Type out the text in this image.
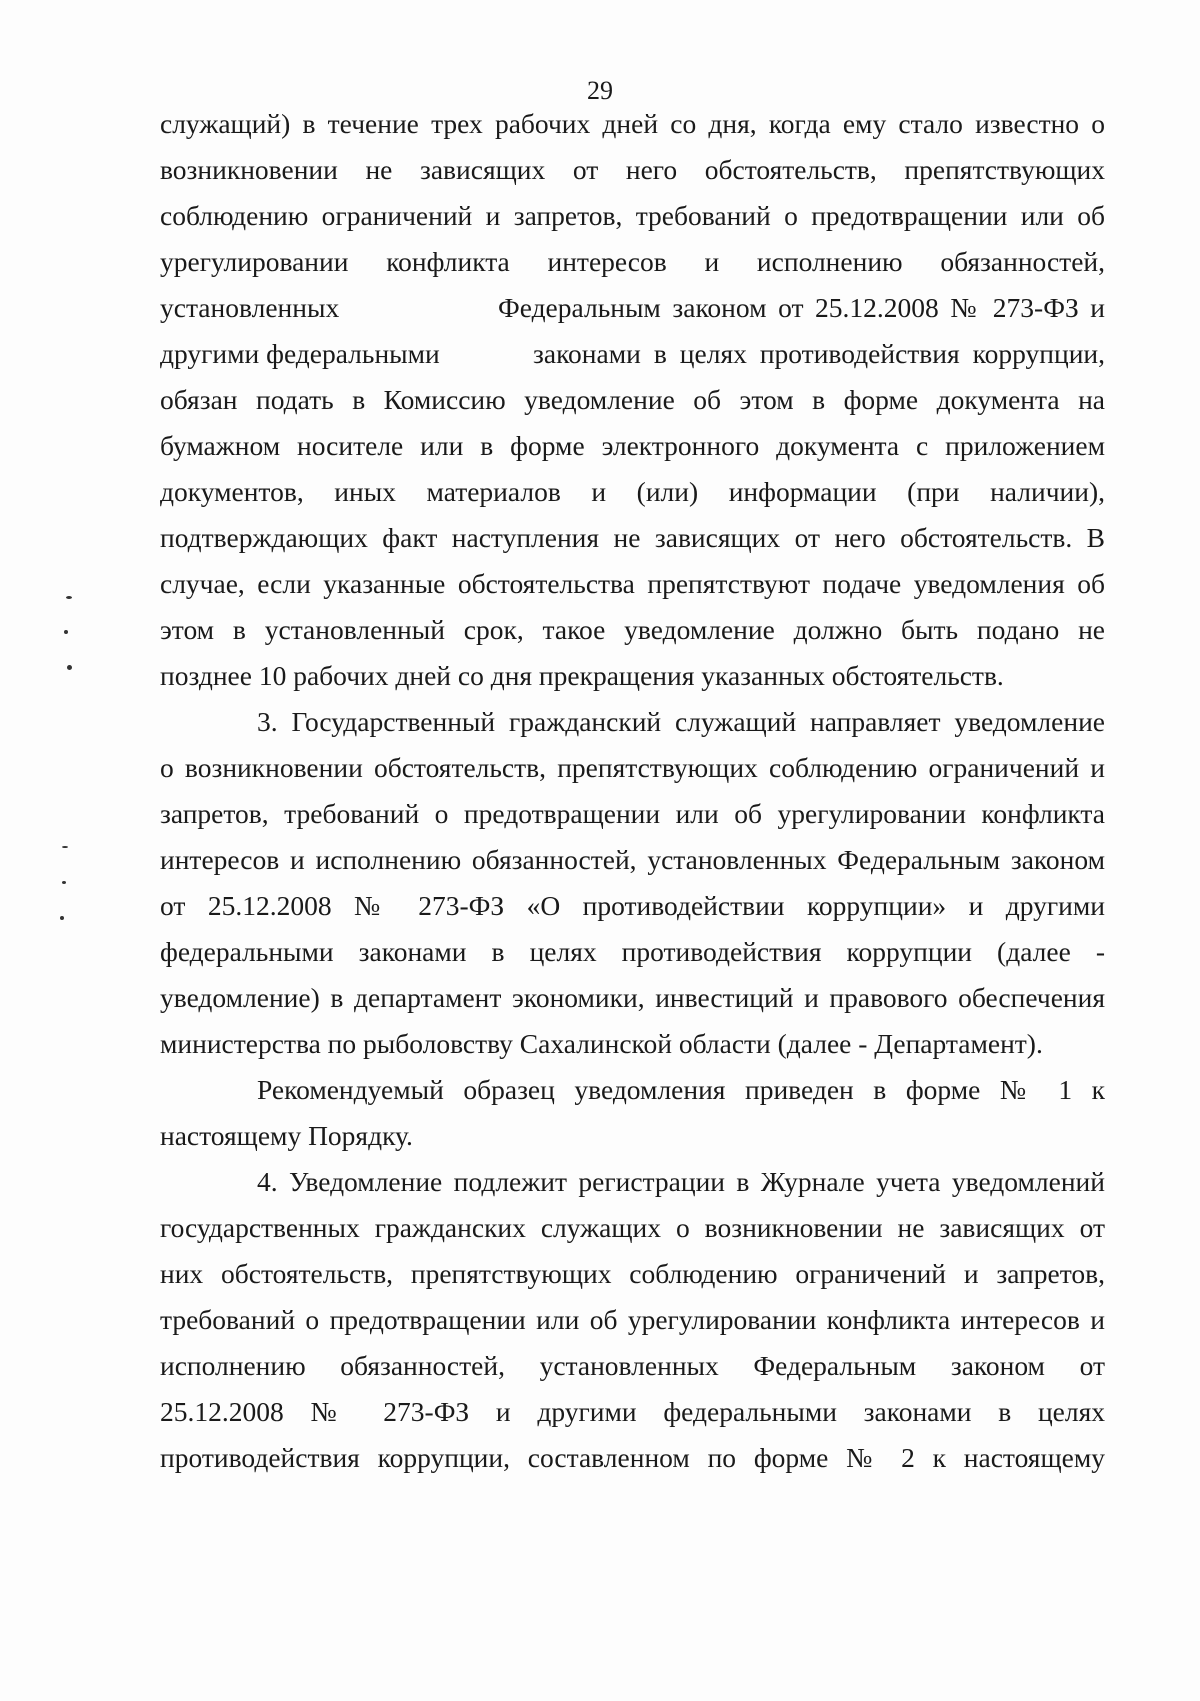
29
служащий) в течение трех рабочих дней со дня, когда ему стало известно о
возникновении не зависящих от него обстоятельств, препятствующих
соблюдению ограничений и запретов, требований о предотвращении или об
урегулировании конфликта интересов и исполнению обязанностей,
установленных	Федеральным законом от 25.12.2008 № 273-ФЗ и
другими федеральными	законами в целях противодействия коррупции,
обязан подать в Комиссию уведомление об этом в форме документа на
бумажном носителе или в форме электронного документа с приложением
документов, иных материалов и (или) информации (при наличии),
подтверждающих факт наступления не зависящих от него обстоятельств. В
случае, если указанные обстоятельства препятствуют подаче уведомления об
этом в установленный срок, такое уведомление должно быть подано не
позднее 10 рабочих дней со дня прекращения указанных обстоятельств.
3. Государственный гражданский служащий направляет уведомление
о возникновении обстоятельств, препятствующих соблюдению ограничений и
запретов, требований о предотвращении или об урегулировании конфликта
интересов и исполнению обязанностей, установленных Федеральным законом
от 25.12.2008 № 273-ФЗ «О противодействии коррупции» и другими
федеральными законами в целях противодействия коррупции (далее -
уведомление) в департамент экономики, инвестиций и правового обеспечения
министерства по рыболовству Сахалинской области (далее - Департамент).
Рекомендуемый образец уведомления приведен в форме № 1 к
настоящему Порядку.
4. Уведомление подлежит регистрации в Журнале учета уведомлений
государственных гражданских служащих о возникновении не зависящих от
них обстоятельств, препятствующих соблюдению ограничений и запретов,
требований о предотвращении или об урегулировании конфликта интересов и
исполнению обязанностей, установленных Федеральным законом от
25.12.2008 № 273-ФЗ и другими федеральными законами в целях
противодействия коррупции, составленном по форме № 2 к настоящему
